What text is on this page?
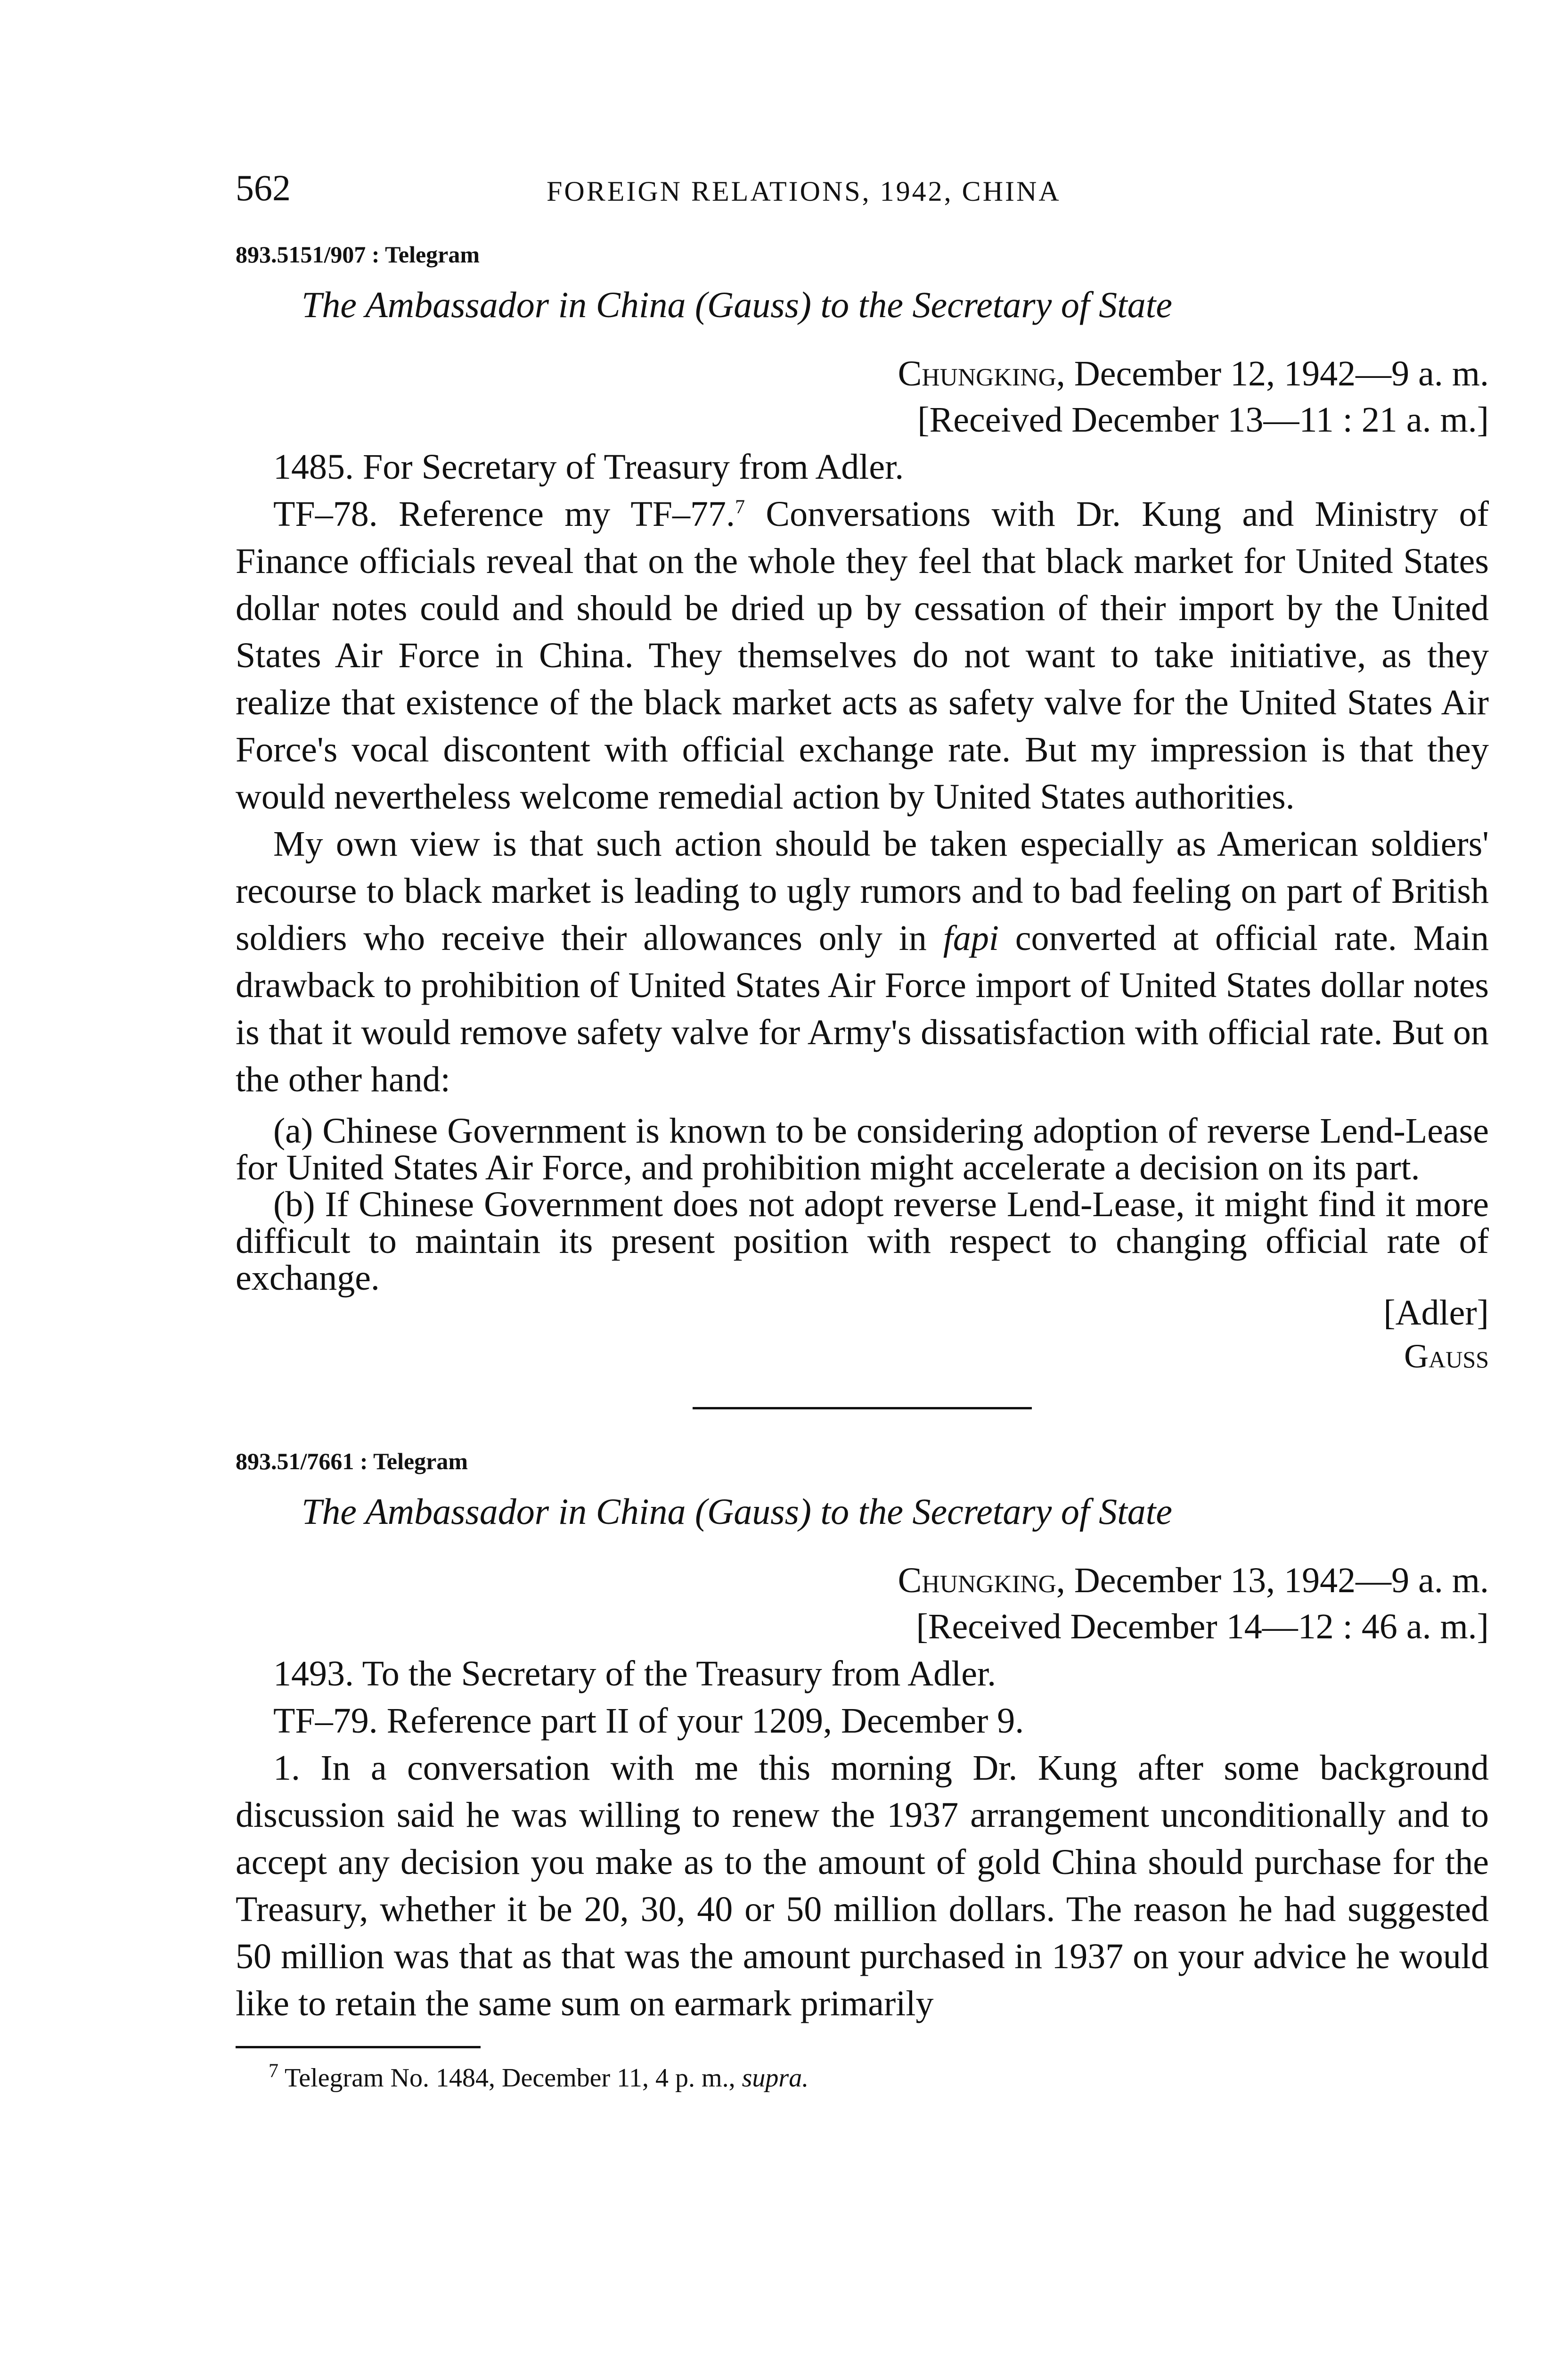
562	FOREIGN RELATIONS, 1942, CHINA
893.5151/907 : Telegram
The Ambassador in China (Gauss) to the Secretary of State
Chungking, December 12, 1942—9 a. m.
[Received December 13—11 : 21 a. m.]

1485. For Secretary of Treasury from Adler.

TF–78. Reference my TF–77.$^7$ Conversations with Dr. Kung and Ministry of Finance officials reveal that on the whole they feel that black market for United States dollar notes could and should be dried up by cessation of their import by the United States Air Force in China. They themselves do not want to take initiative, as they realize that existence of the black market acts as safety valve for the United States Air Force's vocal discontent with official exchange rate. But my impression is that they would nevertheless welcome remedial action by United States authorities.

My own view is that such action should be taken especially as American soldiers' recourse to black market is leading to ugly rumors and to bad feeling on part of British soldiers who receive their allowances only in fapi converted at official rate. Main drawback to prohibition of United States Air Force import of United States dollar notes is that it would remove safety valve for Army's dissatisfaction with official rate. But on the other hand:

(a) Chinese Government is known to be considering adoption of reverse Lend-Lease for United States Air Force, and prohibition might accelerate a decision on its part.

(b) If Chinese Government does not adopt reverse Lend-Lease, it might find it more difficult to maintain its present position with respect to changing official rate of exchange.

[Adler]
Gauss
893.51/7661 : Telegram
The Ambassador in China (Gauss) to the Secretary of State
Chungking, December 13, 1942—9 a. m.
[Received December 14—12 : 46 a. m.]

1493. To the Secretary of the Treasury from Adler.

TF–79. Reference part II of your 1209, December 9.

1. In a conversation with me this morning Dr. Kung after some background discussion said he was willing to renew the 1937 arrangement unconditionally and to accept any decision you make as to the amount of gold China should purchase for the Treasury, whether it be 20, 30, 40 or 50 million dollars. The reason he had suggested 50 million was that as that was the amount purchased in 1937 on your advice he would like to retain the same sum on earmark primarily

$^7$ Telegram No. 1484, December 11, 4 p. m., supra.
